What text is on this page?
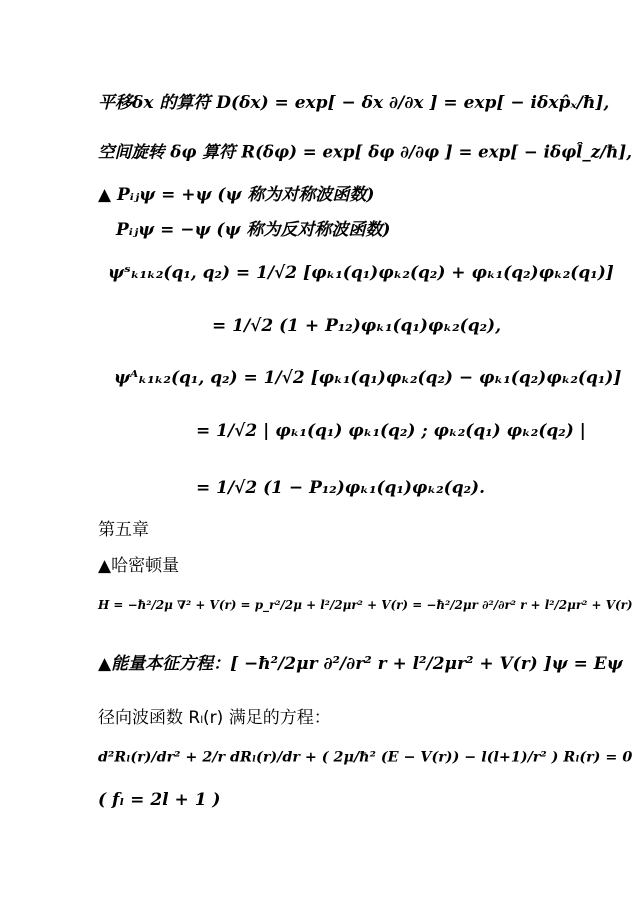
平移δx 的算符 D(δx) = exp[ − δx ∂/∂x ] = exp[ − iδxp̂ₓ/ħ],
空间旋转 δφ 算符 R(δφ) = exp[ δφ ∂/∂φ ] = exp[ − iδφl̂_z/ħ],
▲ Pᵢⱼψ = +ψ (ψ 称为对称波函数)
Pᵢⱼψ = −ψ (ψ 称为反对称波函数)
ψˢₖ₁ₖ₂(q₁, q₂) = 1/√2 [φₖ₁(q₁)φₖ₂(q₂) + φₖ₁(q₂)φₖ₂(q₁)]
= 1/√2 (1 + P₁₂)φₖ₁(q₁)φₖ₂(q₂),
ψᴬₖ₁ₖ₂(q₁, q₂) = 1/√2 [φₖ₁(q₁)φₖ₂(q₂) − φₖ₁(q₂)φₖ₂(q₁)]
= 1/√2 | φₖ₁(q₁) φₖ₁(q₂) ; φₖ₂(q₁) φₖ₂(q₂) |
= 1/√2 (1 − P₁₂)φₖ₁(q₁)φₖ₂(q₂).
第五章
▲哈密顿量
H = −ħ²/2μ ∇² + V(r) = p_r²/2μ + l²/2μr² + V(r) = −ħ²/2μr ∂²/∂r² r + l²/2μr² + V(r)
▲能量本征方程：[ −ħ²/2μr ∂²/∂r² r + l²/2μr² + V(r) ]ψ = Eψ
径向波函数 Rₗ(r) 满足的方程：
d²Rₗ(r)/dr² + 2/r dRₗ(r)/dr + ( 2μ/ħ² (E − V(r)) − l(l+1)/r² ) Rₗ(r) = 0
( fₗ = 2l + 1 )
